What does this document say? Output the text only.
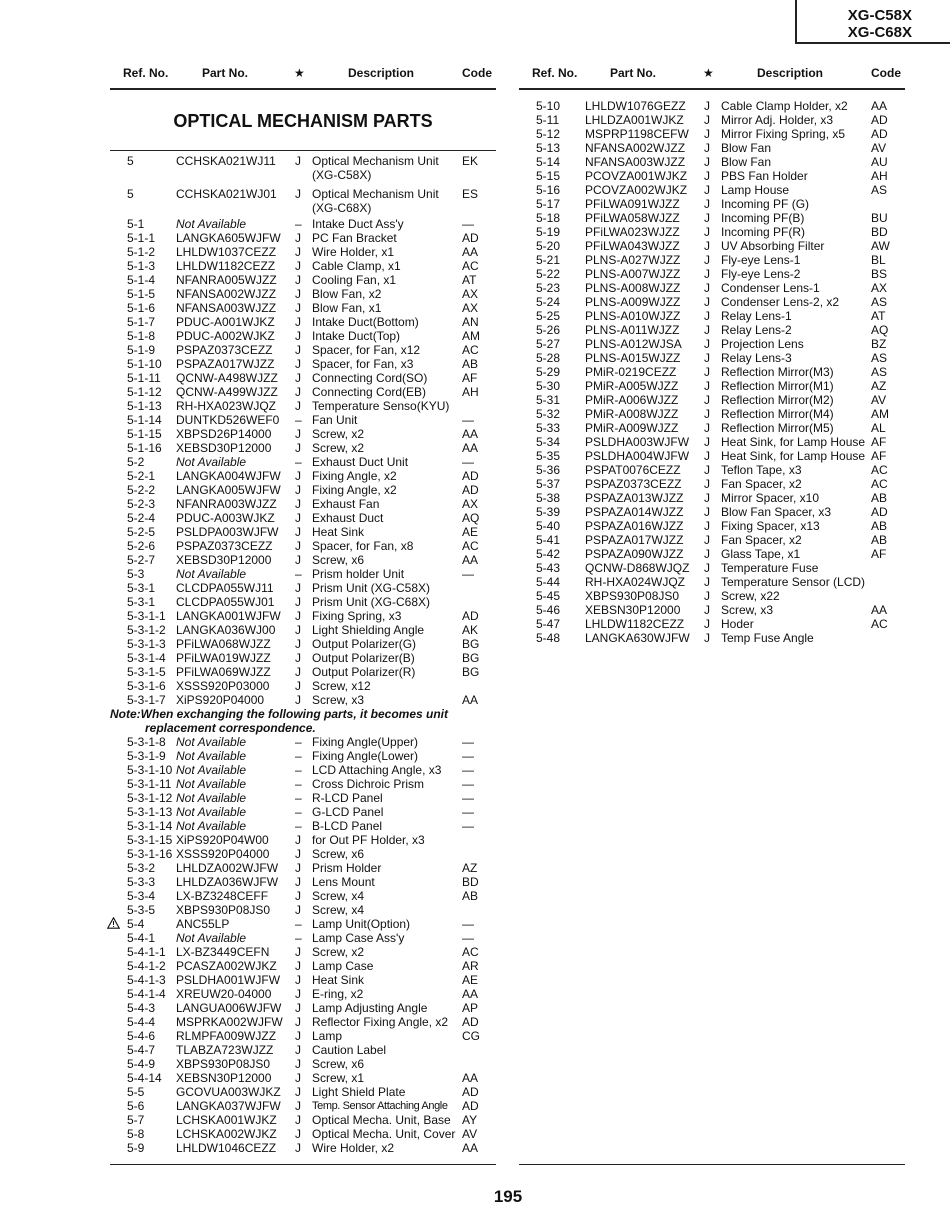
XG-C58X
XG-C68X
Ref. No.	Part No.	★	Description	Code	Ref. No.	Part No.	★	Description	Code
OPTICAL MECHANISM PARTS
5	CCHSKA021WJ11 J Optical Mechanism Unit EK
(XG-C58X)
5	CCHSKA021WJ01 J Optical Mechanism Unit ES
(XG-C68X)
5-1	Not Available	– Intake Duct Ass'y	—
5-1-1 LANGKA605WJFW J PC Fan Bracket	AD
5-1-2 LHLDW1037CEZZ J Wire Holder, x1	AA
5-1-3 LHLDW1182CEZZ J Cable Clamp, x1	AC
5-1-4 NFANRA005WJZZ J Cooling Fan, x1	AT
5-1-5 NFANSA002WJZZ J Blow Fan, x2	AX
5-1-6 NFANSA003WJZZ J Blow Fan, x1	AX
5-1-7 PDUC-A001WJKZ J Intake Duct(Bottom)	AN
5-1-8 PDUC-A002WJKZ J Intake Duct(Top)	AM
5-1-9 PSPAZ0373CEZZ J Spacer, for Fan, x12	AC
5-1-10 PSPAZA017WJZZ J Spacer, for Fan, x3	AB
5-1-11 QCNW-A498WJZZ J Connecting Cord(SO)	AF
5-1-12 QCNW-A499WJZZ J Connecting Cord(EB)	AH
5-1-13 RH-HXA023WJQZ J Temperature Senso(KYU)
5-1-14 DUNTKD526WEF0 – Fan Unit	—
5-1-15 XBPSD26P14000 J Screw, x2	AA
5-1-16 XEBSD30P12000 J Screw, x2	AA
5-2	Not Available	– Exhaust Duct Unit	—
5-2-1 LANGKA004WJFW J Fixing Angle, x2	AD
5-2-2 LANGKA005WJFW J Fixing Angle, x2	AD
5-2-3 NFANRA003WJZZ J Exhaust Fan	AX
5-2-4 PDUC-A003WJKZ J Exhaust Duct	AQ
5-2-5 PSLDPA003WJFW J Heat Sink	AE
5-2-6 PSPAZ0373CEZZ J Spacer, for Fan, x8	AC
5-2-7 XEBSD30P12000 J Screw, x6	AA
5-3	Not Available	– Prism holder Unit	—
5-3-1 CLCDPA055WJ11 J Prism Unit (XG-C58X)
5-3-1 CLCDPA055WJ01 J Prism Unit (XG-C68X)
5-3-1-1 LANGKA001WJFW J Fixing Spring, x3	AD
5-3-1-2 LANGKA036WJ00 J Light Shielding Angle	AK
5-3-1-3 PFiLWA068WJZZ J Output Polarizer(G)	BG
5-3-1-4 PFiLWA019WJZZ J Output Polarizer(B)	BG
5-3-1-5 PFiLWA069WJZZ J Output Polarizer(R)	BG
5-3-1-6 XSSS920P03000 J Screw, x12
5-3-1-7 XiPS920P04000	J Screw, x3	AA
Note:When exchanging the following parts, it becomes unit
replacement correspondence.
5-3-1-8 Not Available	– Fixing Angle(Upper)	—
5-3-1-9 Not Available	– Fixing Angle(Lower)	—
5-3-1-10 Not Available	– LCD Attaching Angle, x3 —
5-3-1-11 Not Available	– Cross Dichroic Prism	—
5-3-1-12 Not Available	– R-LCD Panel	—
5-3-1-13 Not Available	– G-LCD Panel	—
5-3-1-14 Not Available	– B-LCD Panel	—
5-3-1-15 XiPS920P04W00 J for Out PF Holder, x3
5-3-1-16 XSSS920P04000 J Screw, x6
5-3-2 LHLDZA002WJFW J Prism Holder	AZ
5-3-3 LHLDZA036WJFW J Lens Mount	BD
5-3-4 LX-BZ3248CEFF J Screw, x4	AB
5-3-5 XBPS930P08JS0 J Screw, x4
5-4	ANC55LP	– Lamp Unit(Option)	—
5-4-1 Not Available	– Lamp Case Ass'y	—
5-4-1-1 LX-BZ3449CEFN J Screw, x2	AC
5-4-1-2 PCASZA002WJKZ J Lamp Case	AR
5-4-1-3 PSLDHA001WJFW J Heat Sink	AE
5-4-1-4 XREUW20-04000 J E-ring, x2	AA
5-4-3 LANGUA006WJFW J Lamp Adjusting Angle	AP
5-4-4 MSPRKA002WJFW J Reflector Fixing Angle, x2 AD
5-4-6 RLMPFA009WJZZ J Lamp	CG
5-4-7 TLABZA723WJZZ J Caution Label
5-4-9 XBPS930P08JS0 J Screw, x6
5-4-14 XEBSN30P12000 J Screw, x1	AA
5-5	GCOVUA003WJKZ J Light Shield Plate	AD
5-6	LANGKA037WJFW J Temp. Sensor Attaching Angle AD
5-7	LCHSKA001WJKZ J Optical Mecha. Unit, Base AY
5-8	LCHSKA002WJKZ J Optical Mecha. Unit, Cover AV
5-9	LHLDW1046CEZZ J Wire Holder, x2	AA
5-10 LHLDW1076GEZZ J Cable Clamp Holder, x2 AA
5-11 LHLDZA001WJKZ J Mirror Adj. Holder, x3	AD
5-12 MSPRP1198CEFW J Mirror Fixing Spring, x5 AD
5-13 NFANSA002WJZZ J Blow Fan	AV
5-14 NFANSA003WJZZ J Blow Fan	AU
5-15 PCOVZA001WJKZ J PBS Fan Holder	AH
5-16 PCOVZA002WJKZ J Lamp House	AS
5-17 PFiLWA091WJZZ J Incoming PF (G)
5-18 PFiLWA058WJZZ J Incoming PF(B)	BU
5-19 PFiLWA023WJZZ J Incoming PF(R)	BD
5-20 PFiLWA043WJZZ J UV Absorbing Filter	AW
5-21 PLNS-A027WJZZ J Fly-eye Lens-1	BL
5-22 PLNS-A007WJZZ J Fly-eye Lens-2	BS
5-23 PLNS-A008WJZZ J Condenser Lens-1	AX
5-24 PLNS-A009WJZZ J Condenser Lens-2, x2	AS
5-25 PLNS-A010WJZZ J Relay Lens-1	AT
5-26 PLNS-A011WJZZ J Relay Lens-2	AQ
5-27 PLNS-A012WJSA J Projection Lens	BZ
5-28 PLNS-A015WJZZ J Relay Lens-3	AS
5-29 PMiR-0219CEZZ J Reflection Mirror(M3)	AS
5-30 PMiR-A005WJZZ J Reflection Mirror(M1)	AZ
5-31 PMiR-A006WJZZ J Reflection Mirror(M2)	AV
5-32 PMiR-A008WJZZ J Reflection Mirror(M4)	AM
5-33 PMiR-A009WJZZ J Reflection Mirror(M5)	AL
5-34 PSLDHA003WJFW J Heat Sink, for Lamp House AF
5-35 PSLDHA004WJFW J Heat Sink, for Lamp House AF
5-36 PSPAT0076CEZZ J Teflon Tape, x3	AC
5-37 PSPAZ0373CEZZ J Fan Spacer, x2	AC
5-38 PSPAZA013WJZZ J Mirror Spacer, x10	AB
5-39 PSPAZA014WJZZ J Blow Fan Spacer, x3	AD
5-40 PSPAZA016WJZZ J Fixing Spacer, x13	AB
5-41 PSPAZA017WJZZ J Fan Spacer, x2	AB
5-42 PSPAZA090WJZZ J Glass Tape, x1	AF
5-43 QCNW-D868WJQZ J Temperature Fuse
5-44 RH-HXA024WJQZ J Temperature Sensor (LCD)
5-45 XBPS930P08JS0 J Screw, x22
5-46 XEBSN30P12000 J Screw, x3	AA
5-47 LHLDW1182CEZZ J Hoder	AC
5-48 LANGKA630WJFW J Temp Fuse Angle
195
